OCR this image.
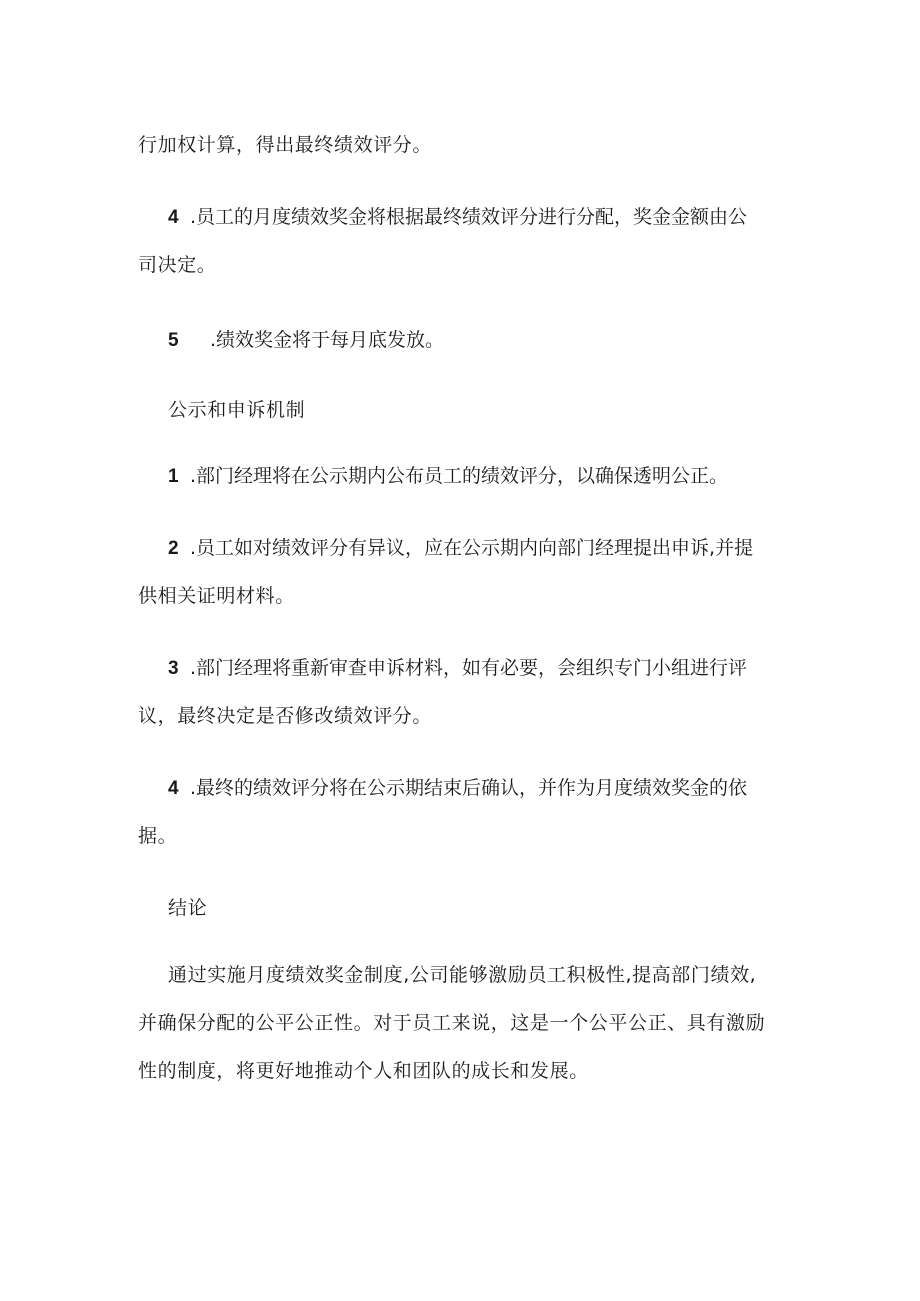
行加权计算，得出最终绩效评分。
4 .员工的月度绩效奖金将根据最终绩效评分进行分配，奖金金额由公
司决定。
5 .绩效奖金将于每月底发放。
公示和申诉机制
1 .部门经理将在公示期内公布员工的绩效评分，以确保透明公正。
2 .员工如对绩效评分有异议，应在公示期内向部门经理提出申诉,并提
供相关证明材料。
3 .部门经理将重新审查申诉材料，如有必要，会组织专门小组进行评
议，最终决定是否修改绩效评分。
4 .最终的绩效评分将在公示期结束后确认，并作为月度绩效奖金的依
据。
结论
通过实施月度绩效奖金制度,公司能够激励员工积极性,提高部门绩效,
并确保分配的公平公正性。对于员工来说，这是一个公平公正、具有激励
性的制度，将更好地推动个人和团队的成长和发展。
